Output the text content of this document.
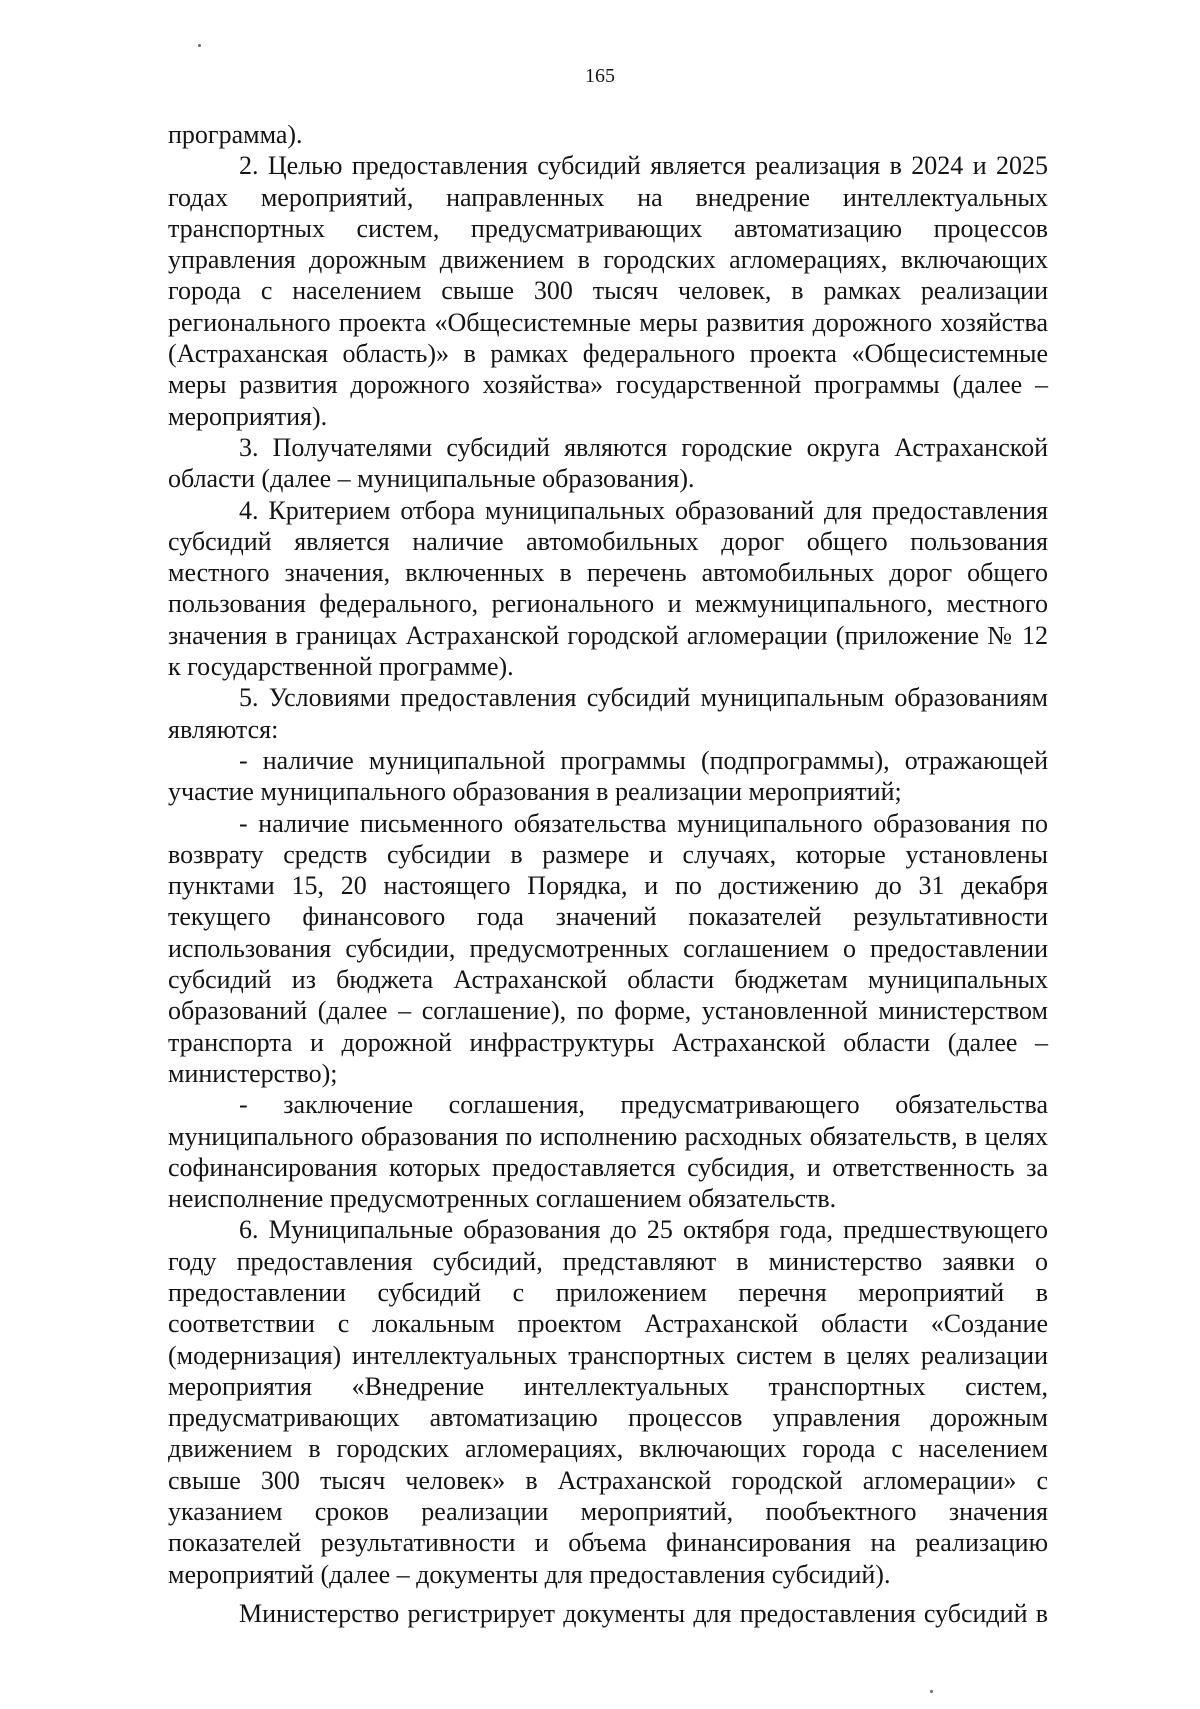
165

программа).

2. Целью предоставления субсидий является реализация в 2024 и 2025 годах мероприятий, направленных на внедрение интеллектуальных транспортных систем, предусматривающих автоматизацию процессов управления дорожным движением в городских агломерациях, включающих города с населением свыше 300 тысяч человек, в рамках реализации регионального проекта «Общесистемные меры развития дорожного хозяйства (Астраханская область)» в рамках федерального проекта «Общесистемные меры развития дорожного хозяйства» государственной программы (далее – мероприятия).

3. Получателями субсидий являются городские округа Астраханской области (далее – муниципальные образования).

4. Критерием отбора муниципальных образований для предоставления субсидий является наличие автомобильных дорог общего пользования местного значения, включенных в перечень автомобильных дорог общего пользования федерального, регионального и межмуниципального, местного значения в границах Астраханской городской агломерации (приложение № 12 к государственной программе).

5. Условиями предоставления субсидий муниципальным образованиям являются:

- наличие муниципальной программы (подпрограммы), отражающей участие муниципального образования в реализации мероприятий;

- наличие письменного обязательства муниципального образования по возврату средств субсидии в размере и случаях, которые установлены пунктами 15, 20 настоящего Порядка, и по достижению до 31 декабря текущего финансового года значений показателей результативности использования субсидии, предусмотренных соглашением о предоставлении субсидий из бюджета Астраханской области бюджетам муниципальных образований (далее – соглашение), по форме, установленной министерством транспорта и дорожной инфраструктуры Астраханской области (далее – министерство);

- заключение соглашения, предусматривающего обязательства муниципального образования по исполнению расходных обязательств, в целях софинансирования которых предоставляется субсидия, и ответственность за неисполнение предусмотренных соглашением обязательств.

6. Муниципальные образования до 25 октября года, предшествующего году предоставления субсидий, представляют в министерство заявки о предоставлении субсидий с приложением перечня мероприятий в соответствии с локальным проектом Астраханской области «Создание (модернизация) интеллектуальных транспортных систем в целях реализации мероприятия «Внедрение интеллектуальных транспортных систем, предусматривающих автоматизацию процессов управления дорожным движением в городских агломерациях, включающих города с населением свыше 300 тысяч человек» в Астраханской городской агломерации» с указанием сроков реализации мероприятий, пообъектного значения показателей результативности и объема финансирования на реализацию мероприятий (далее – документы для предоставления субсидий).

Министерство регистрирует документы для предоставления субсидий в
